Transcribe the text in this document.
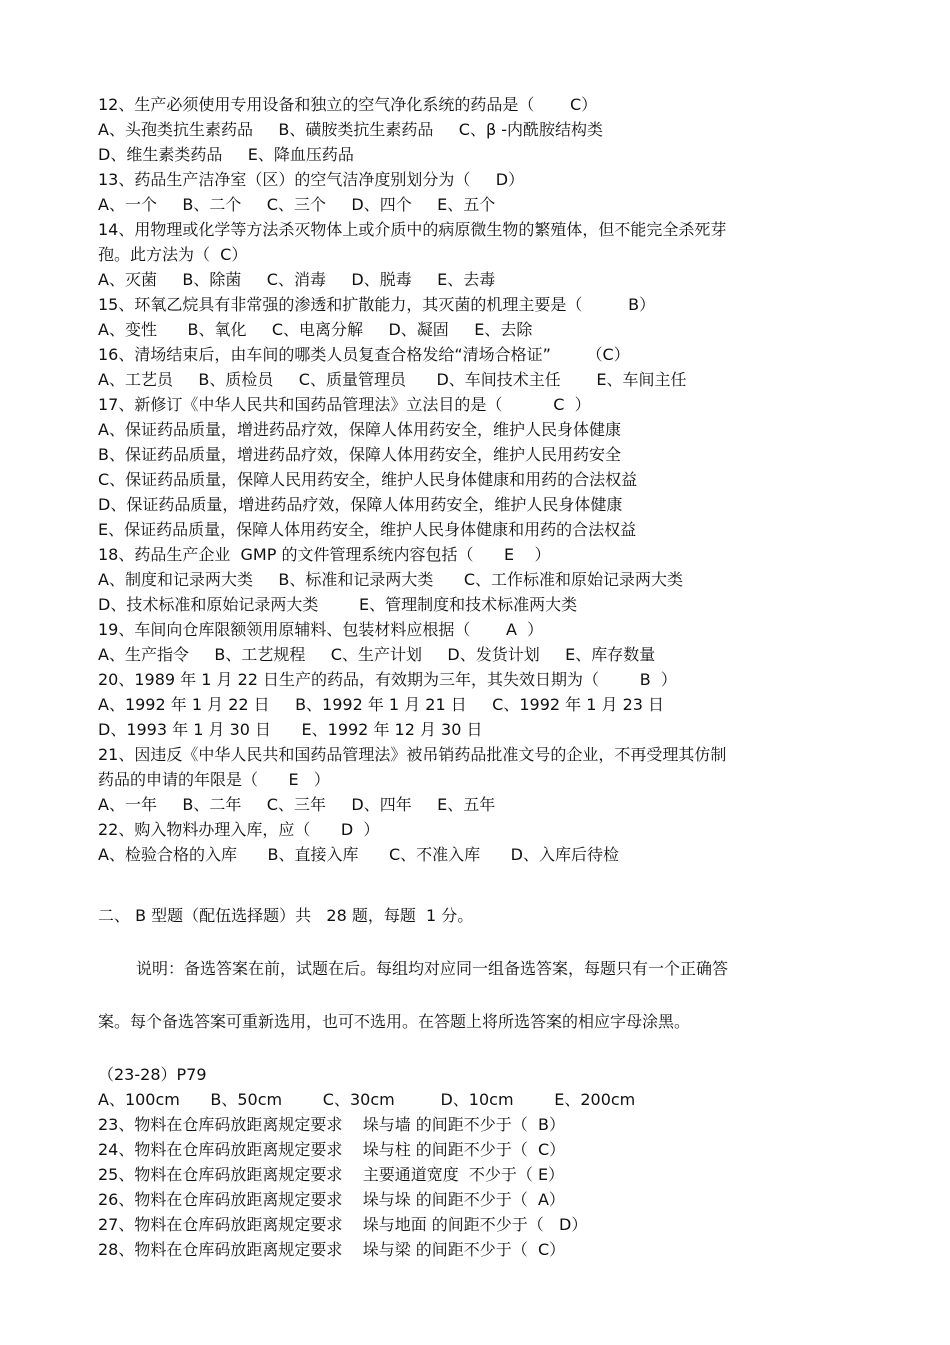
12、生产必须使用专用设备和独立的空气净化系统的药品是（       C）
A、头孢类抗生素药品     B、磺胺类抗生素药品     C、β -内酰胺结构类
D、维生素类药品     E、降血压药品
13、药品生产洁净室（区）的空气洁净度别划分为（     D）
A、一个     B、二个     C、三个     D、四个     E、五个
14、用物理或化学等方法杀灭物体上或介质中的病原微生物的繁殖体，但不能完全杀死芽
孢。此方法为（  C）
A、灭菌     B、除菌     C、消毒     D、脱毒     E、去毒
15、环氧乙烷具有非常强的渗透和扩散能力，其灭菌的机理主要是（         B）
A、变性      B、氧化     C、电离分解     D、凝固     E、去除
16、清场结束后，由车间的哪类人员复查合格发给“清场合格证”       （C）
A、工艺员     B、质检员     C、质量管理员      D、车间技术主任       E、车间主任
17、新修订《中华人民共和国药品管理法》立法目的是（          C  ）
A、保证药品质量，增进药品疗效，保障人体用药安全，维护人民身体健康
B、保证药品质量，增进药品疗效，保障人体用药安全，维护人民用药安全
C、保证药品质量，保障人民用药安全，维护人民身体健康和用药的合法权益
D、保证药品质量，增进药品疗效，保障人体用药安全，维护人民身体健康
E、保证药品质量，保障人体用药安全，维护人民身体健康和用药的合法权益
18、药品生产企业  GMP 的文件管理系统内容包括（      E    ）
A、制度和记录两大类     B、标准和记录两大类      C、工作标准和原始记录两大类
D、技术标准和原始记录两大类        E、管理制度和技术标准两大类
19、车间向仓库限额领用原辅料、包装材料应根据（       A  ）
A、生产指令     B、工艺规程     C、生产计划     D、发货计划     E、库存数量
20、1989 年 1 月 22 日生产的药品，有效期为三年，其失效日期为（        B  ）
A、1992 年 1 月 22 日     B、1992 年 1 月 21 日     C、1992 年 1 月 23 日
D、1993 年 1 月 30 日      E、1992 年 12 月 30 日
21、因违反《中华人民共和国药品管理法》被吊销药品批准文号的企业，不再受理其仿制
药品的申请的年限是（      E   ）
A、一年     B、二年     C、三年     D、四年     E、五年
22、购入物料办理入库，应（      D  ）
A、检验合格的入库      B、直接入库      C、不准入库      D、入库后待检
二、 B 型题（配伍选择题）共   28 题，每题  1 分。
说明：备选答案在前，试题在后。每组均对应同一组备选答案，每题只有一个正确答
案。每个备选答案可重新选用，也可不选用。在答题上将所选答案的相应字母涂黑。
（23-28）P79
A、100cm      B、50cm        C、30cm         D、10cm        E、200cm
23、物料在仓库码放距离规定要求    垛与墙 的间距不少于（  B）
24、物料在仓库码放距离规定要求    垛与柱 的间距不少于（  C）
25、物料在仓库码放距离规定要求    主要通道宽度  不少于（ E）
26、物料在仓库码放距离规定要求    垛与垛 的间距不少于（  A）
27、物料在仓库码放距离规定要求    垛与地面 的间距不少于（   D）
28、物料在仓库码放距离规定要求    垛与梁 的间距不少于（  C）
